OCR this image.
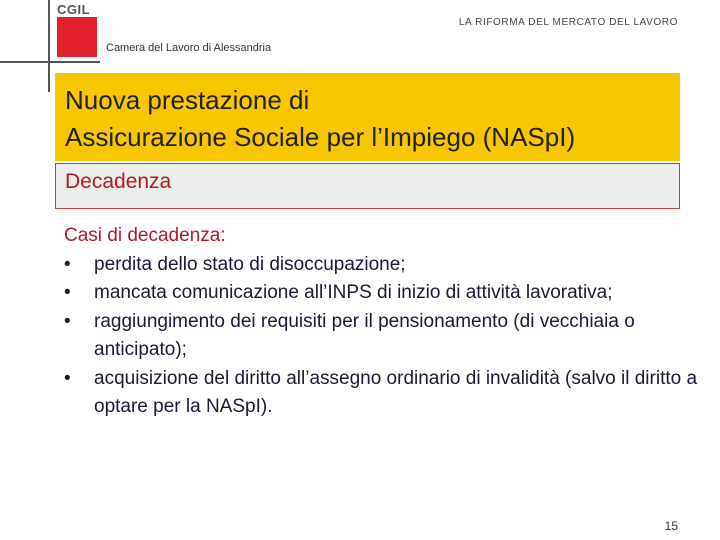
CGIL
Camera del Lavoro di Alessandria
LA RIFORMA DEL MERCATO DEL LAVORO
Nuova prestazione di
Assicurazione Sociale per l’Impiego (NASpI)
Decadenza
Casi di decadenza:
• perdita dello stato di disoccupazione;
• mancata comunicazione all’INPS di inizio di attività lavorativa;
• raggiungimento dei requisiti per il pensionamento (di vecchiaia o anticipato);
• acquisizione del diritto all’assegno ordinario di invalidità (salvo il diritto a optare per la NASpI).
15
